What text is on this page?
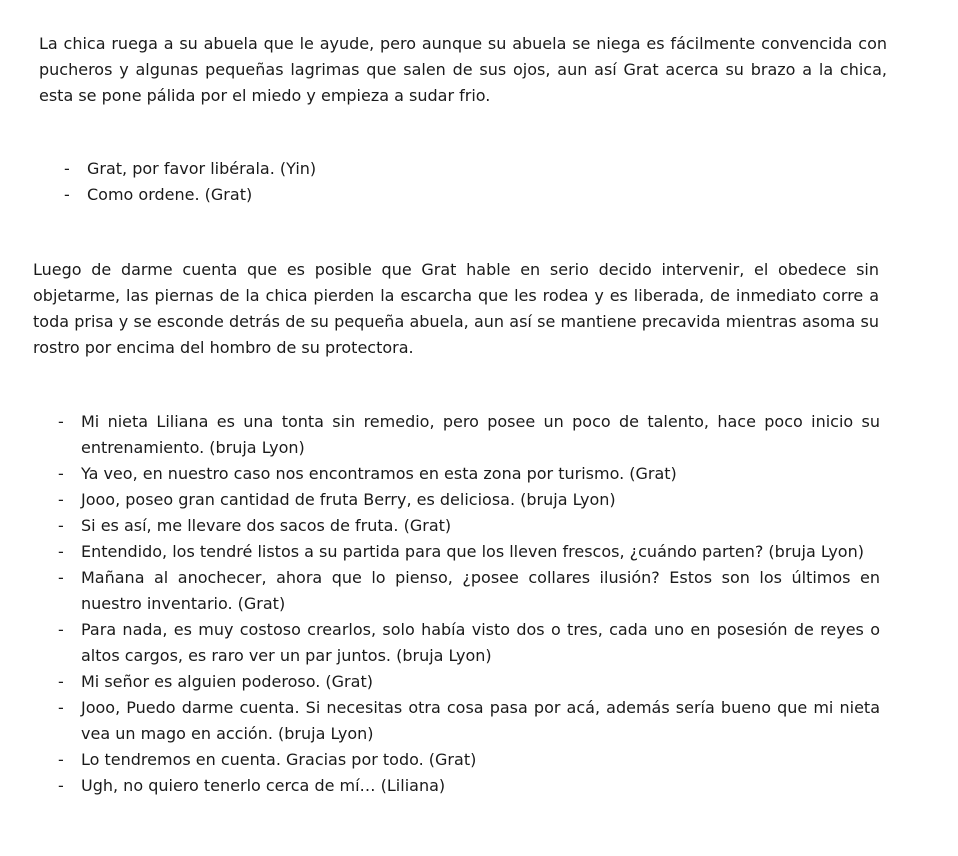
La chica ruega a su abuela que le ayude, pero aunque su abuela se niega es fácilmente convencida con pucheros y algunas pequeñas lagrimas que salen de sus ojos, aun así Grat acerca su brazo a la chica, esta se pone pálida por el miedo y empieza a sudar frio.

- Grat, por favor libérala. (Yin)
- Como ordene. (Grat)

Luego de darme cuenta que es posible que Grat hable en serio decido intervenir, el obedece sin objetarme, las piernas de la chica pierden la escarcha que les rodea y es liberada, de inmediato corre a toda prisa y se esconde detrás de su pequeña abuela, aun así se mantiene precavida mientras asoma su rostro por encima del hombro de su protectora.

- Mi nieta Liliana es una tonta sin remedio, pero posee un poco de talento, hace poco inicio su entrenamiento. (bruja Lyon)
- Ya veo, en nuestro caso nos encontramos en esta zona por turismo. (Grat)
- Jooo, poseo gran cantidad de fruta Berry, es deliciosa. (bruja Lyon)
- Si es así, me llevare dos sacos de fruta. (Grat)
- Entendido, los tendré listos a su partida para que los lleven frescos, ¿cuándo parten? (bruja Lyon)
- Mañana al anochecer, ahora que lo pienso, ¿posee collares ilusión? Estos son los últimos en nuestro inventario. (Grat)
- Para nada, es muy costoso crearlos, solo había visto dos o tres, cada uno en posesión de reyes o altos cargos, es raro ver un par juntos. (bruja Lyon)
- Mi señor es alguien poderoso. (Grat)
- Jooo, Puedo darme cuenta. Si necesitas otra cosa pasa por acá, además sería bueno que mi nieta vea un mago en acción. (bruja Lyon)
- Lo tendremos en cuenta. Gracias por todo. (Grat)
- Ugh, no quiero tenerlo cerca de mí… (Liliana)
